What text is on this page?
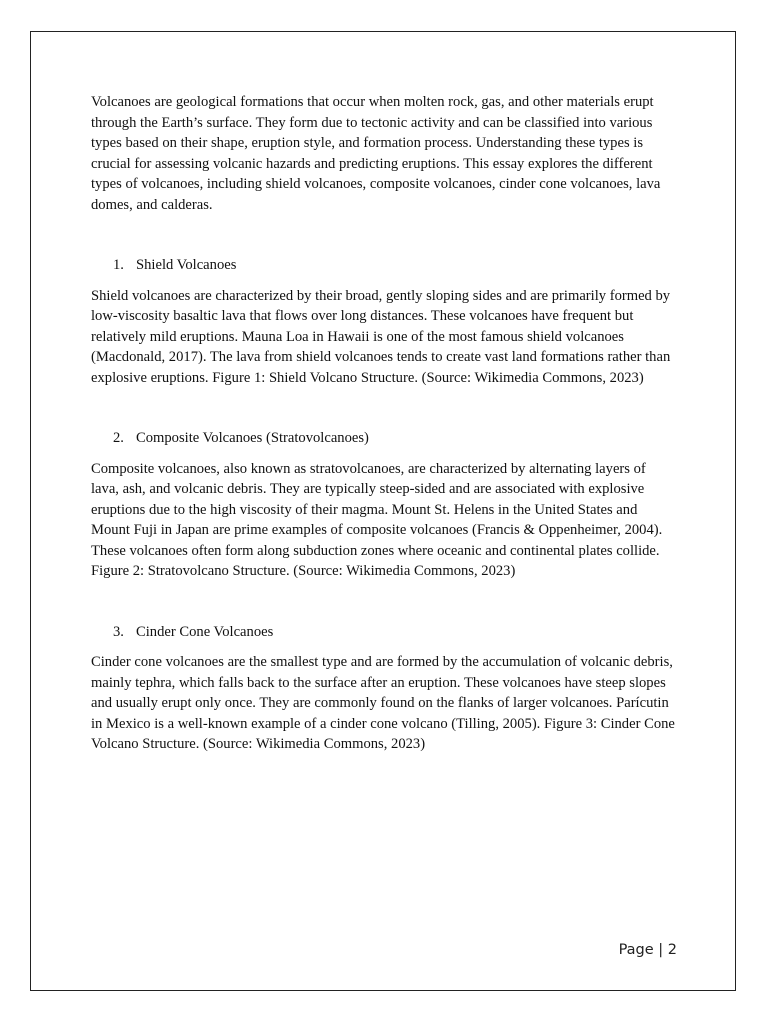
Volcanoes are geological formations that occur when molten rock, gas, and other materials erupt through the Earth’s surface. They form due to tectonic activity and can be classified into various types based on their shape, eruption style, and formation process. Understanding these types is crucial for assessing volcanic hazards and predicting eruptions. This essay explores the different types of volcanoes, including shield volcanoes, composite volcanoes, cinder cone volcanoes, lava domes, and calderas.

1. Shield Volcanoes

Shield volcanoes are characterized by their broad, gently sloping sides and are primarily formed by low-viscosity basaltic lava that flows over long distances. These volcanoes have frequent but relatively mild eruptions. Mauna Loa in Hawaii is one of the most famous shield volcanoes (Macdonald, 2017). The lava from shield volcanoes tends to create vast land formations rather than explosive eruptions. Figure 1: Shield Volcano Structure. (Source: Wikimedia Commons, 2023)

2. Composite Volcanoes (Stratovolcanoes)

Composite volcanoes, also known as stratovolcanoes, are characterized by alternating layers of lava, ash, and volcanic debris. They are typically steep-sided and are associated with explosive eruptions due to the high viscosity of their magma. Mount St. Helens in the United States and Mount Fuji in Japan are prime examples of composite volcanoes (Francis & Oppenheimer, 2004). These volcanoes often form along subduction zones where oceanic and continental plates collide. Figure 2: Stratovolcano Structure. (Source: Wikimedia Commons, 2023)

3. Cinder Cone Volcanoes

Cinder cone volcanoes are the smallest type and are formed by the accumulation of volcanic debris, mainly tephra, which falls back to the surface after an eruption. These volcanoes have steep slopes and usually erupt only once. They are commonly found on the flanks of larger volcanoes. Parícutin in Mexico is a well-known example of a cinder cone volcano (Tilling, 2005). Figure 3: Cinder Cone Volcano Structure. (Source: Wikimedia Commons, 2023)

Page | 2
